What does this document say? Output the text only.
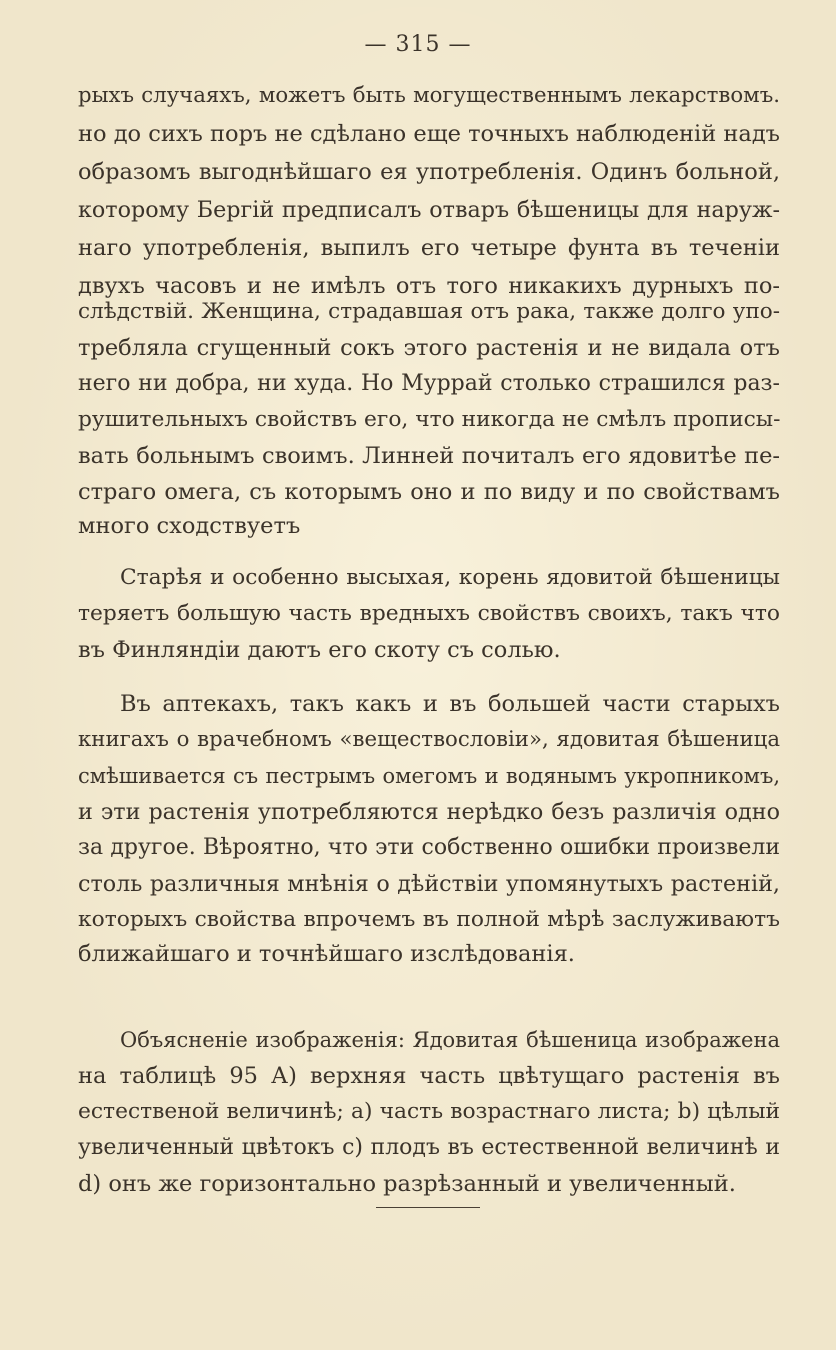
— 315 —
рыхъ случаяхъ, можетъ быть могущественнымъ лекарствомъ.
но до сихъ поръ не сдѣлано еще точныхъ наблюденій надъ
образомъ выгоднѣйшаго ея употребленія. Одинъ больной,
которому Бергій предписалъ отваръ бѣшеницы для наруж-
наго употребленія, выпилъ его четыре фунта въ теченіи
двухъ часовъ и не имѣлъ отъ того никакихъ дурныхъ по-
слѣдствій. Женщина, страдавшая отъ рака, также долго упо-
требляла сгущенный сокъ этого растенія и не видала отъ
него ни добра, ни худа. Но Муррай столько страшился раз-
рушительныхъ свойствъ его, что никогда не смѣлъ прописы-
вать больнымъ своимъ. Линней почиталъ его ядовитѣе пе-
страго омега, съ которымъ оно и по виду и по свойствамъ
много сходствуетъ
Старѣя и особенно высыхая, корень ядовитой бѣшеницы
теряетъ большую часть вредныхъ свойствъ своихъ, такъ что
въ Финляндіи даютъ его скоту съ солью.
Въ аптекахъ, такъ какъ и въ большей части старыхъ
книгахъ о врачебномъ «веществословіи», ядовитая бѣшеница
смѣшивается съ пестрымъ омегомъ и водянымъ укропникомъ,
и эти растенія употребляются нерѣдко безъ различія одно
за другое. Вѣроятно, что эти собственно ошибки произвели
столь различныя мнѣнія о дѣйствіи упомянутыхъ растеній,
которыхъ свойства впрочемъ въ полной мѣрѣ заслуживаютъ
ближайшаго и точнѣйшаго изслѣдованія.
Объясненіе изображенія: Ядовитая бѣшеница изображена
на таблицѣ 95 А) верхняя часть цвѣтущаго растенія въ
естественой величинѣ; а) часть возрастнаго листа; b) цѣлый
увеличенный цвѣтокъ с) плодъ въ естественной величинѣ и
d) онъ же горизонтально разрѣзанный и увеличенный.
